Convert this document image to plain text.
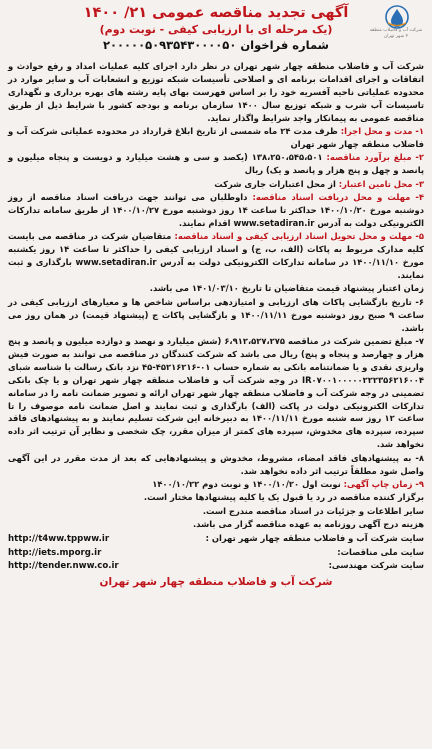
شرکت آب و فاضلاب منطقه ۴ شهر تهران
آگهی تجدید مناقصه عمومی ۲۱/ ۱۴۰۰
(یک مرحله ای با ارزیابی کیفی - نوبت دوم)
شماره فراخوان ۲۰۰۰۰۰۵۰۹۳۵۴۳۰۰۰۰۵۰

شرکت آب و فاضلاب منطقه چهار شهر تهران در نظر دارد اجرای کلیه عملیات امداد و رفع حوادث و اتفاقات و اجرای اقدامات برنامه ای و اصلاحی تأسیسات شبکه توزیع و انشعابات آب و سایر موارد در محدوده عملیاتی ناحیه آفسریه خود را بر اساس فهرست بهای پایه رشته های بهره برداری و نگهداری تاسیسات آب شرب و شبکه توزیع سال ۱۴۰۰ سازمان برنامه و بودجه کشور با شرایط ذیل از طریق مناقصه عمومی به پیمانکار واجد شرایط واگذار نماید.

۱- مدت و محل اجرا: ظرف مدت ۲۴ ماه شمسی از تاریخ ابلاغ قرارداد در محدوده عملیاتی شرکت آب و فاضلاب منطقه چهار شهر تهران

۲- مبلغ برآورد مناقصه: ۱۳۸،۲۵۰،۵۴۵،۵۰۱ (یکصد و سی و هشت میلیارد و دویست و پنجاه میلیون و پانصد و چهل و پنج هزار و پانصد و یک) ریال

۳- محل تامین اعتبار: از محل اعتبارات جاری شرکت

۴- مهلت و محل دریافت اسناد مناقصه: داوطلبان می توانند جهت دریافت اسناد مناقصه از روز دوشنبه مورخ ۱۴۰۰/۱۰/۲۰ حداکثر تا ساعت ۱۴ روز دوشنبه مورخ ۱۴۰۰/۱۰/۲۷ از طریق سامانه تدارکات الکترونیکی دولت به آدرس www.setadiran.ir اقدام نمایند.

۵- مهلت و محل تحویل اسناد ارزیابی کیفی و اسناد مناقصه: متقاضیان شرکت در مناقصه می بایست کلیه مدارک مربوط به پاکات (الف، ب، ج) و اسناد ارزیابی کیفی را حداکثر تا ساعت ۱۴ روز یکشنبه مورخ ۱۴۰۰/۱۱/۱۰ در سامانه تدارکات الکترونیکی دولت به آدرس www.setadiran.ir بارگذاری و ثبت نمایند.

زمان اعتبار پیشنهاد قیمت متقاضیان تا تاریخ ۱۴۰۱/۰۳/۱۰ می باشد.

۶- تاریخ بازگشایی پاکات های ارزیابی و امتیازدهی براساس شاخص ها و معیارهای ارزیابی کیفی در ساعت ۹ صبح روز دوشنبه مورخ ۱۴۰۰/۱۱/۱۱ و بازگشایی پاکات ج (پیشنهاد قیمت) در همان روز می باشد.

۷- مبلغ تضمین شرکت در مناقصه ۶،۹۱۲،۵۲۷،۲۷۵ (شش میلیارد و نهصد و دوازده میلیون و پانصد و پنج هزار و چهارصد و پنجاه و پنج) ریال می باشد که شرکت کنندگان در مناقصه می توانند به صورت فیش واریزی نقدی و یا ضمانتنامه بانکی به شماره حساب ۰۱-۴۵۲۱۶۲۱۶-۴۵ نزد بانک رسالت با شناسه شبای IR۰۷۰۰۱۰۰۰۰۰۲۲۲۳۵۶۲۱۶۰۰۴ در وجه شرکت آب و فاضلاب منطقه چهار شهر تهران و یا چک بانکی تضمینی در وجه شرکت آب و فاضلاب منطقه چهار شهر تهران ارائه و تصویر ضمانت نامه را در سامانه تدارکات الکترونیکی دولت در پاکت (الف) بارگذاری و ثبت نمایند و اصل ضمانت نامه موصوف را تا ساعت ۱۲ روز سه شنبه مورخ ۱۴۰۰/۱۱/۱۱ به دبیرخانه این شرکت تسلیم نمایند و به پیشنهادهای فاقد سپرده، سپرده های مخدوش، سپرده های کمتر از میزان مقرر، چک شخصی و نظایر آن ترتیب اثر داده نخواهد شد.

۸- به پیشنهادهای فاقد امضاء، مشروط، مخدوش و پیشنهادهایی که بعد از مدت مقرر در این آگهی واصل شود مطلقاً ترتیب اثر داده نخواهد شد.

۹- زمان چاپ آگهی: نوبت اول ۱۴۰۰/۱۰/۲۰ و نوبت دوم ۱۴۰۰/۱۰/۲۲

برگزار کننده مناقصه در رد یا قبول یک یا کلیه پیشنهادها مختار است.

سایر اطلاعات و جزئیات در اسناد مناقصه مندرج است.

هزینه درج آگهی روزنامه به عهده مناقصه گزار می باشد.

سایت شرکت آب و فاضلاب منطقه چهار شهر تهران :
http://t4ww.tppww.ir
سایت ملی مناقصات:
http://iets.mporg.ir
سایت شرکت مهندسی:
http://tender.nww.co.ir
شرکت آب و فاضلاب منطقه چهار شهر تهران
